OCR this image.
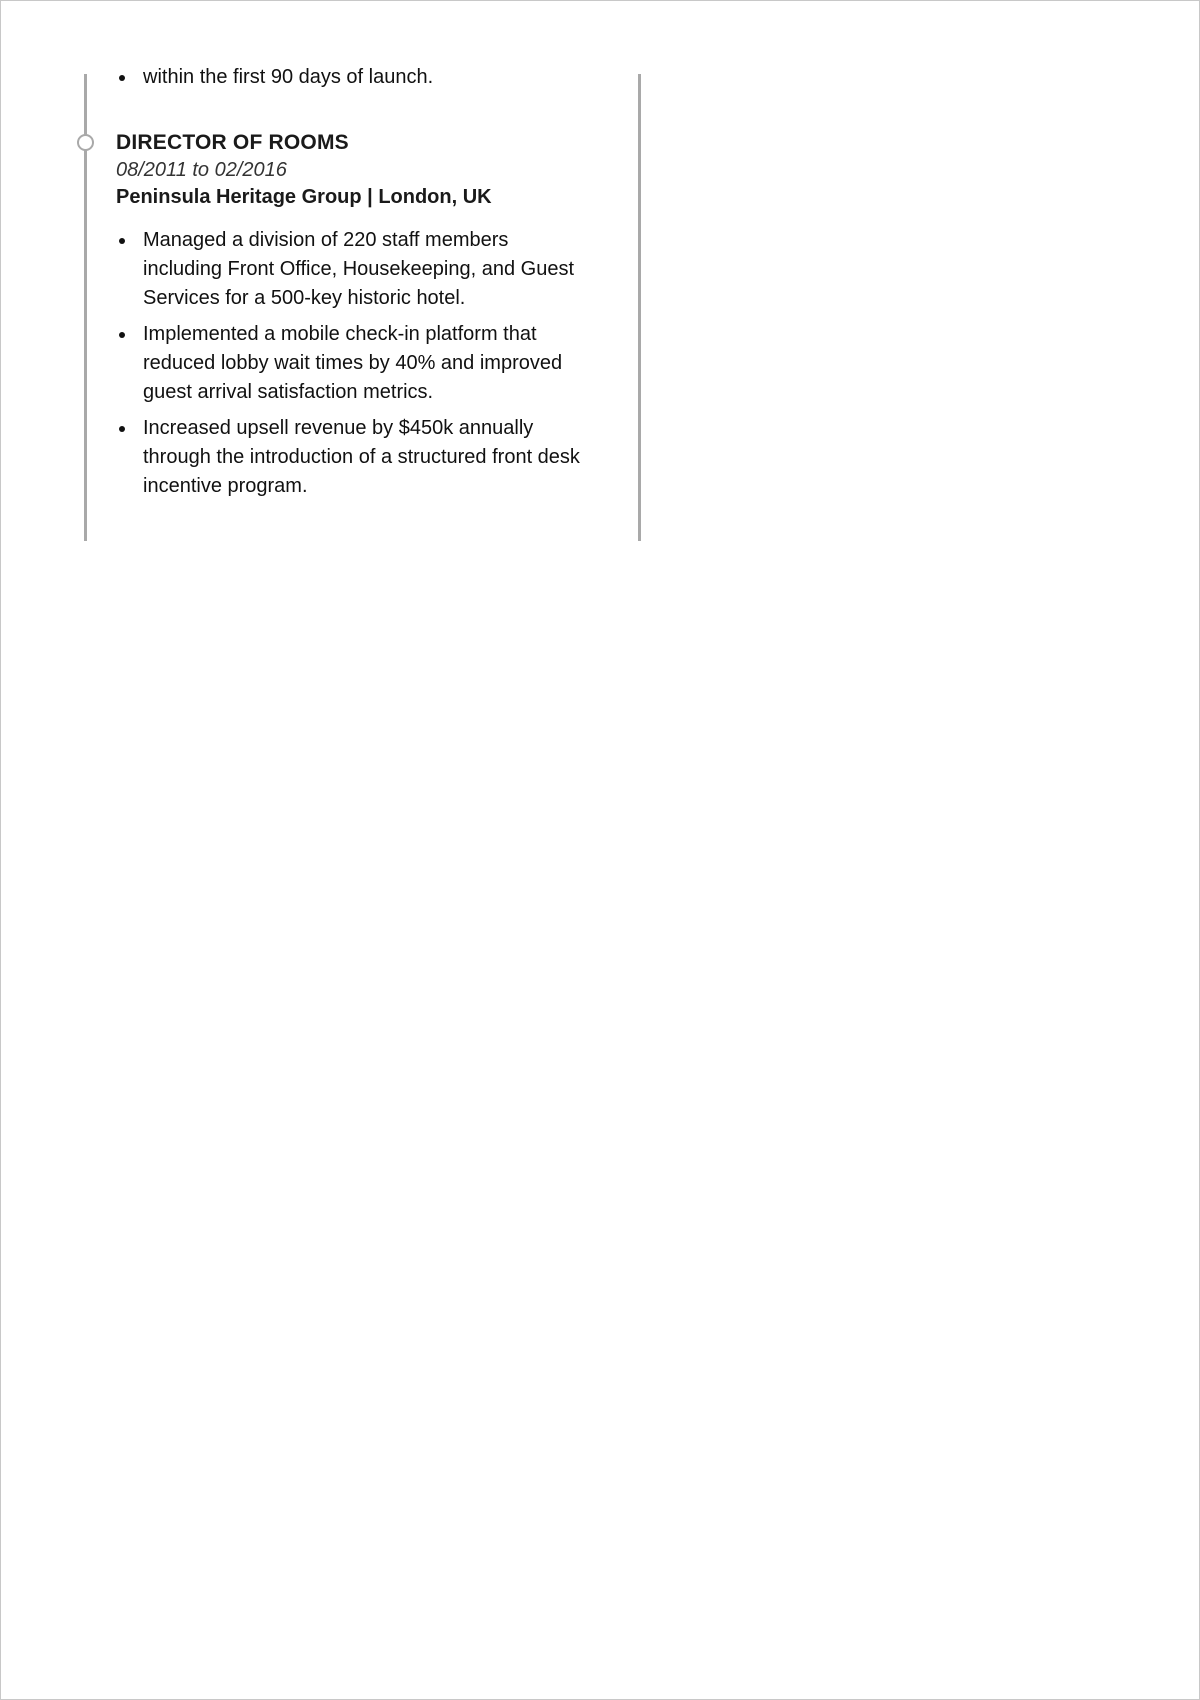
within the first 90 days of launch.
DIRECTOR OF ROOMS
08/2011 to 02/2016
Peninsula Heritage Group | London, UK
Managed a division of 220 staff members including Front Office, Housekeeping, and Guest Services for a 500-key historic hotel.
Implemented a mobile check-in platform that reduced lobby wait times by 40% and improved guest arrival satisfaction metrics.
Increased upsell revenue by $450k annually through the introduction of a structured front desk incentive program.
